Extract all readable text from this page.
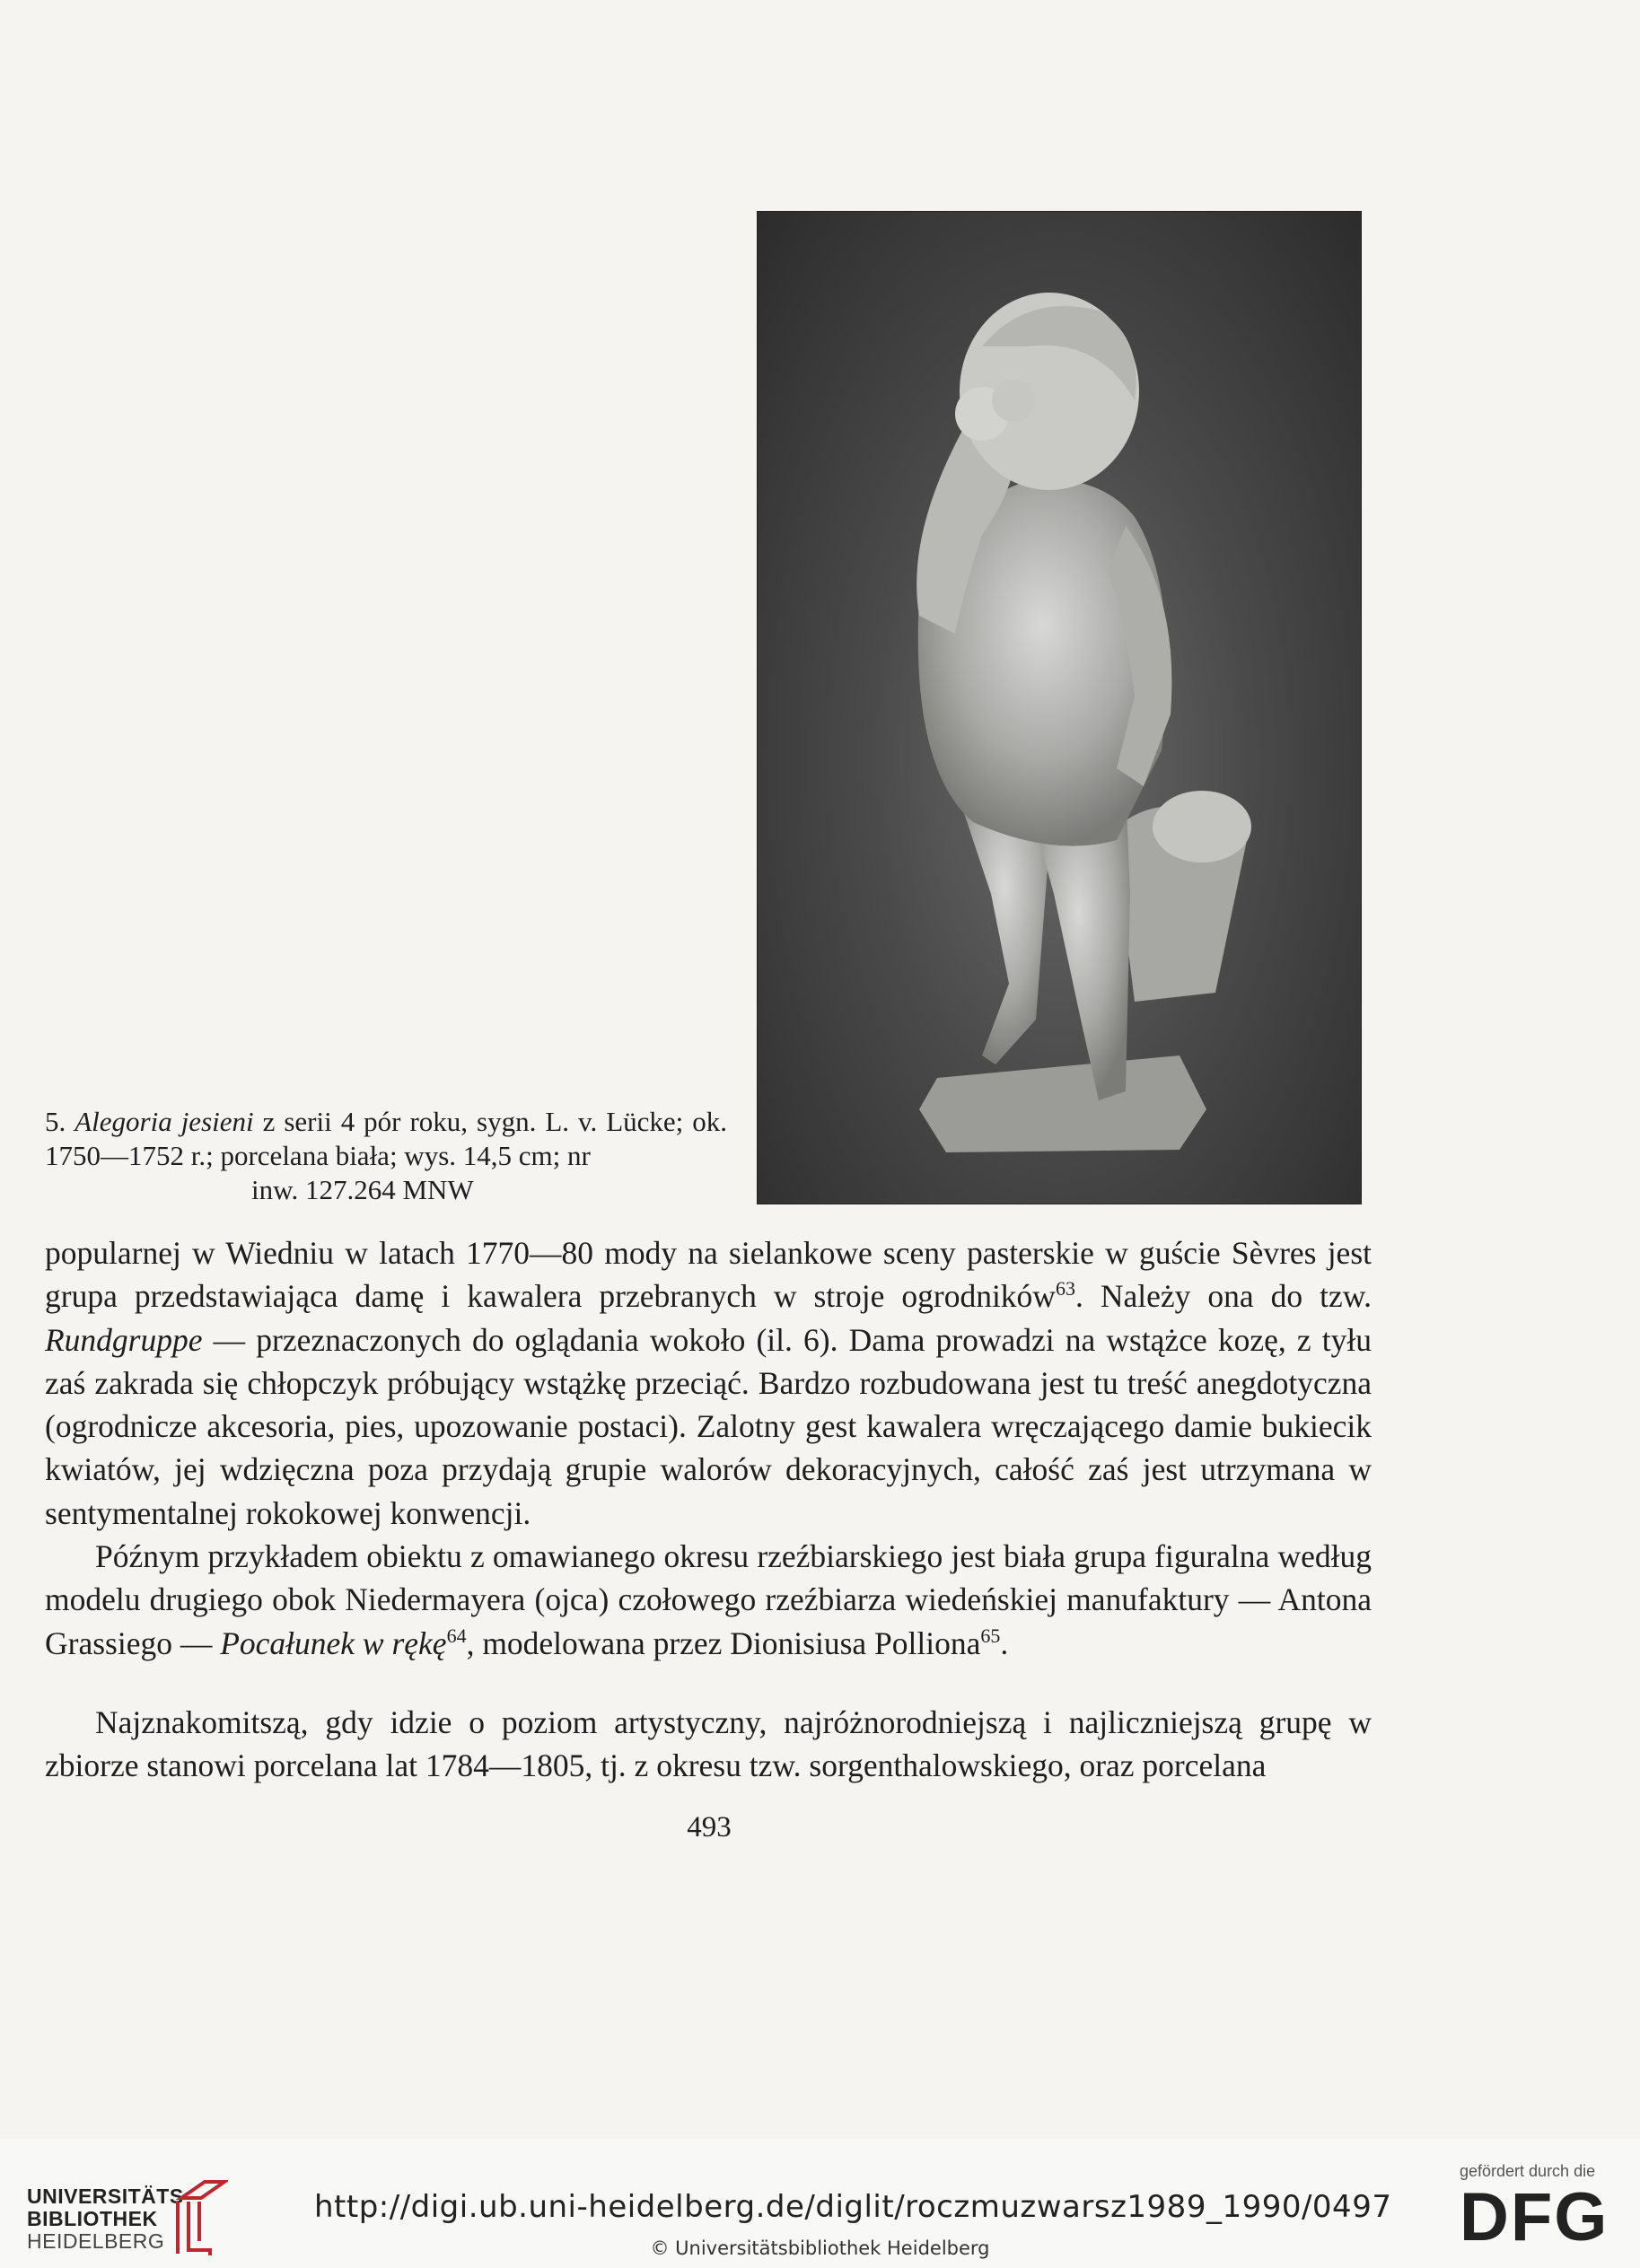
5. Alegoria jesieni z serii 4 pór roku, sygn. L. v. Lücke; ok. 1750—1752 r.; porcelana biała; wys. 14,5 cm; nr
inw. 127.264 MNW

popularnej w Wiedniu w latach 1770—80 mody na sielankowe sceny pasterskie w guście Sèvres jest grupa przedstawiająca damę i kawalera przebranych w stroje ogrodników$^{63}$. Należy ona do tzw. Rundgruppe — przeznaczonych do oglądania wokoło (il. 6). Dama prowadzi na wstążce kozę, z tyłu zaś zakrada się chłopczyk próbujący wstążkę przeciąć. Bardzo rozbudowana jest tu treść anegdotyczna (ogrodnicze akcesoria, pies, upozowanie postaci). Zalotny gest kawalera wręczającego damie bukiecik kwiatów, jej wdzięczna poza przydają grupie walorów dekoracyjnych, całość zaś jest utrzymana w sentymentalnej rokokowej konwencji.

Późnym przykładem obiektu z omawianego okresu rzeźbiarskiego jest biała grupa figuralna według modelu drugiego obok Niedermayera (ojca) czołowego rzeźbiarza wiedeńskiej manufaktury — Antona Grassiego — Pocałunek w rękę$^{64}$, modelowana przez Dionisiusa Polliona$^{65}$.

Najznakomitszą, gdy idzie o poziom artystyczny, najróżnorodniejszą i najliczniejszą grupę w zbiorze stanowi porcelana lat 1784—1805, tj. z okresu tzw. sorgenthalowskiego, oraz porcelana

493
UNIVERSITÄTS-
BIBLIOTHEK
HEIDELBERG
http://digi.ub.uni-heidelberg.de/diglit/roczmuzwarsz1989_1990/0497
© Universitätsbibliothek Heidelberg
gefördert durch die
DFG
